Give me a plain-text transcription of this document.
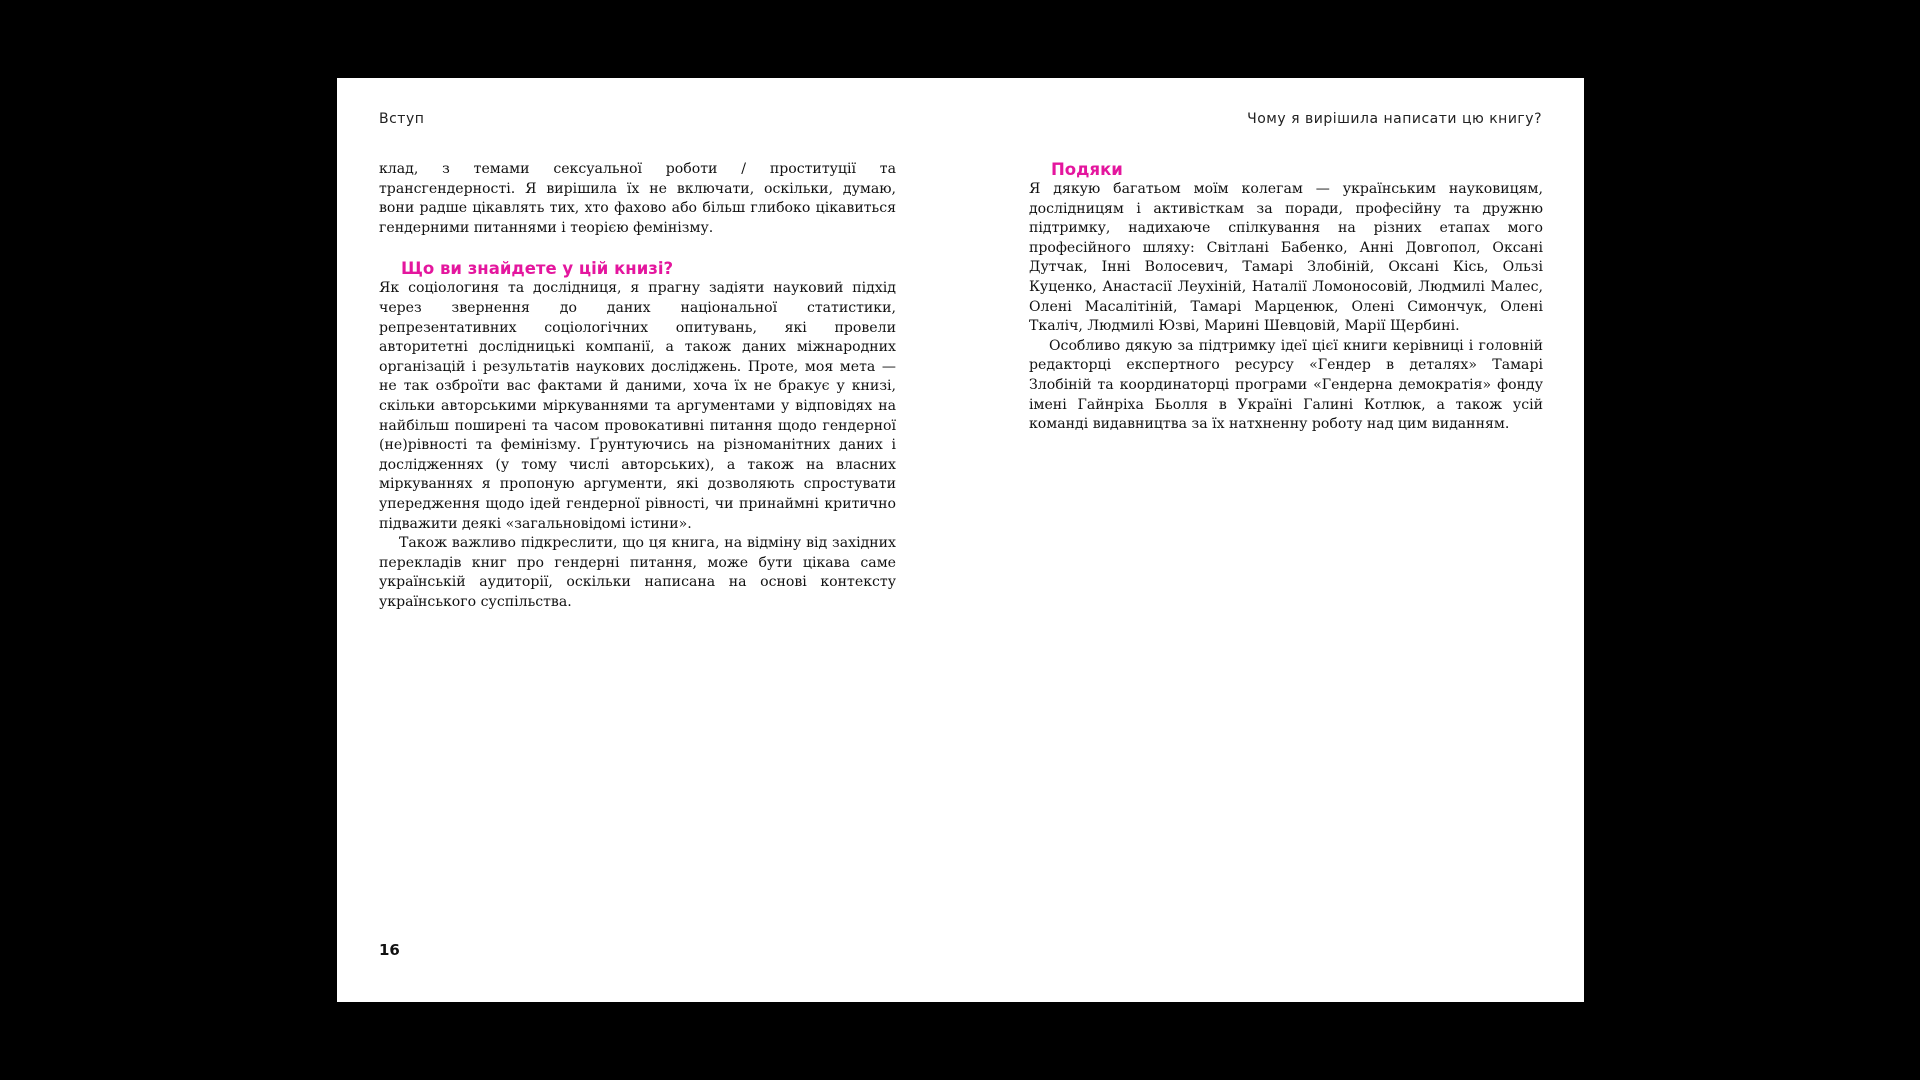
Вступ	Чому я вирішила написати цю книгу?

клад, з темами сексуальної роботи / проституції та трансгендерності. Я вирішила їх не включати, оскільки, думаю, вони радше цікавлять тих, хто фахово або більш глибоко цікавиться гендерними питаннями і теорією фемінізму.

Що ви знайдете у цій книзі?

Як соціологиня та дослідниця, я прагну задіяти науковий підхід через звернення до даних національної статистики, репрезентативних соціологічних опитувань, які провели авторитетні дослідницькі компанії, а також даних міжнародних організацій і результатів наукових досліджень. Проте, моя мета — не так озброїти вас фактами й даними, хоча їх не бракує у книзі, скільки авторськими міркуваннями та аргументами у відповідях на найбільш поширені та часом провокативні питання щодо гендерної (не)рівності та фемінізму. Ґрунтуючись на різноманітних даних і дослідженнях (у тому числі авторських), а також на власних міркуваннях я пропоную аргументи, які дозволяють спростувати упередження щодо ідей гендерної рівності, чи принаймні критично підважити деякі «загальновідомі істини».

Також важливо підкреслити, що ця книга, на відміну від західних перекладів книг про гендерні питання, може бути цікава саме українській аудиторії, оскільки написана на основі контексту українського суспільства.

Подяки

Я дякую багатьом моїм колегам — українським науковицям, дослідницям і активісткам за поради, професійну та дружню підтримку, надихаюче спілкування на різних етапах мого професійного шляху: Світлані Бабенко, Анні Довгопол, Оксані Дутчак, Інні Волосевич, Тамарі Злобіній, Оксані Кісь, Ользі Куценко, Анастасії Леухіній, Наталії Ломоносовій, Людмилі Малес, Олені Масалітіній, Тамарі Марценюк, Олені Симончук, Олені Ткаліч, Людмилі Юзві, Марині Шевцовій, Марії Щербині.

Особливо дякую за підтримку ідеї цієї книги керівниці і головній редакторці експертного ресурсу «Гендер в деталях» Тамарі Злобіній та координаторці програми «Гендерна демократія» фонду імені Гайнріха Бьолля в Україні Галині Котлюк, а також усій команді видавництва за їх натхненну роботу над цим виданням.

16
